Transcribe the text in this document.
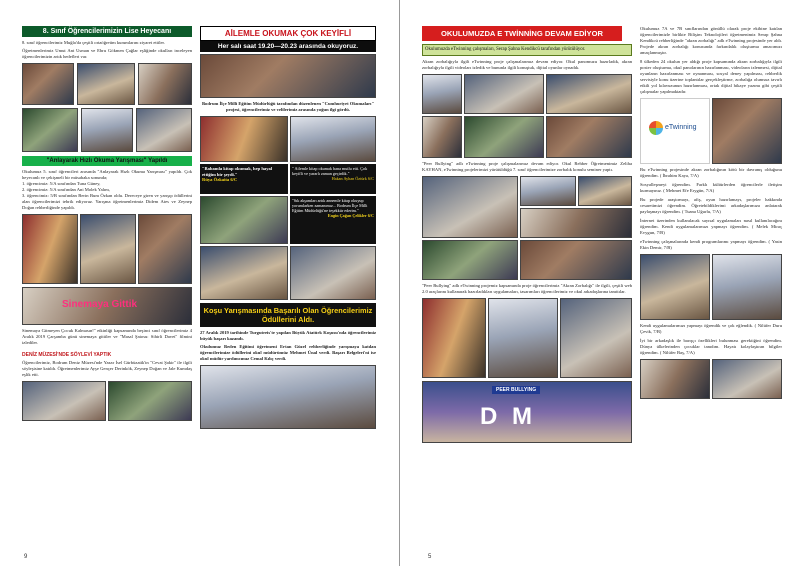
8. Sınıf Öğrencilerimizin Lise Heyecanı
8. sınıf öğrencilerimiz Muğla'da çeşitli ortaöğretim kurumlarını ziyaret ettiler.
Öğretmenlerimiz Umut Ant Usman ve Ebru Gökmen Çağlar eşliğinde okulları inceleyen öğrencilerimizin artık hedefleri var.
"Anlayarak Hızlı Okuma Yarışması" Yapıldı
Okulumuz 5. sınıf öğrencileri arasında "Anlayarak Hızlı Okuma Yarışması" yapıldı. Çok heyecanlı ve çekişmeli bir müsabaka sonunda;
1. öğrencimiz: 5/A sınıfından Tuna Güney,
2. öğrencimiz: 5/A sınıfından Ani Molek Yalım,
3. öğrencimiz: 5/B sınıfından Berin Bum Özkan oldu. Dereceye giren ve yarışıp ödüllerini alan öğrencilerimizi tebrik ediyoruz. Yarışma öğretmenlerimiz Didem Ates ve Zeynep Doğan rehberliğinde yapıldı.
Sinemaya Gittik
Sinemaya Gitmeyen Çocuk Kalmasın!" etkinliği kapsamında beşinci sınıf öğrencilerimiz 4 Aralık 2019 Çarşamba günü sinemaya gittiler ve "Masal Şatosu: Sihirli Davet" filmini izlediler.
DENİZ MÜZESİ'NDE SÖYLEVİ YAPTIK
Öğrencilerimiz, Bodrum Deniz Müzesi'nde Yazar İsel Gürbüzatik'in "Cevat Şakir" ile ilgili söyleşisine katıldı. Öğretmenlerimiz Ayşe Gençer Derinkök, Zeynep Doğan ve Jale Kumdaş eşlik etti.
AİLEMLE OKUMAK ÇOK KEYİFLİ
Her salı saat 19.20—20.23 arasında okuyoruz.
Bodrum İlçe Milli Eğitim Müdürlüğü tarafından düzenlenen "Cumhuriyet Okumaları" projesi, öğrencilerimiz ve velilerimiz arasında yoğun ilgi gördü.
"Babamla kitap okumak, hep hayal ettiğim bir şeydi."
Rüya Özkaita 6/C
" Ailemle kitap okumak bana mutlu etti. Çok keyifli ve yararlı zaman geçirdik."
Hakan Ayhan Öztürk 6/C
"Sık akşamları artık annemle kitap okuyup yorumlarken zamanımız... Bodrum İlçe Milli Eğitim Müdürlüğü'ne teşekkür ederim."
Engin Çağan Çelikler 6/C
Koşu Yarışmasında Başarılı Olan Öğrencilerimiz Ödüllerini Aldı.
27 Aralık 2019 tarihinde Turgutreis'te yapılan Büyük Atatürk Koşusu'nda öğrencilerimiz büyük başarı kazandı.
Okulumuz Beden Eğitimi öğretmeni Ertan Güzel rehberliğinde yarışmaya katılan öğrencilerimize ödüllerini okul müdürümüz Mehmet Ünal verdi. Başarı Belgeleri'ni ise okul müdür yardımcımız Cemal Kılıç verdi.
9
OKULUMUZDA E TWİNNİNG DEVAM EDİYOR
Okulumuzda eTwinning çalışmaları, Serap Şahna Kendikcü tarafından yürütülüyor.
Akran zorbalığıyla ilgili eTwinning proje çalışmalarımız devam ediyor. Okul panomuzu hazırladık, akran zorbalığıyla ilgili videoları izledik ve bununla ilgili konuştuk, dijital oyunlar oynadık.
"Peer Bullying" adlı eTwinning proje çalışmalarımız devam ediyor. Okul Rehber Öğretmenimiz Zeliha KAYHAN, eTwinning projelerimizi yürütüldüğü 7. sınıf öğrencilerimize zorbalık konulu seminer yaptı.
"Peer Bullying" adlı eTwinning projemiz kapsamında proje öğrencilerimiz "Akran Zorbalığı" ile ilgili, çeşitli web 2.0 araçlarını kullanarak hazırladıkları uygulamaları, tasarımları öğrencilerimiz ve okul arkadaşlarına tanıttılar.
PEER BULLYING
D M
Okulumuz 7A ve 7B sınıflarından gönüllü olarak proje ekibine katılan öğrencilerimizle birlikte Bilişim Teknolojileri öğretmenimiz Serap Şahna Kendikcü rehberliğinde "akran zorbalığı" adlı eTwinning projesinde yer aldı. Projede akran zorbalığı konusunda farkındalık oluşturma amacımızı amaçlanmıştır.
8 ülkeden 24 okulun yer aldığı proje kapsamında akran zorbalığıyla ilgili poster oluşturma, okul panolarının hazırlanması, videoların izlenmesi, dijital oyunların hazırlanması ve oynanması, sosyal deney yapılması, rehberlik servisiyle konu üzerine toplantılar gerçekleştirme, zorbalığa olumsuz tavırlı etkili yol kılavuzunun hazırlanması, ortak dijital hikaye yazımı gibi çeşitli çalışmalar yapılmaktadır.
eTwinning
Bu eTwinning projesinde akran zorbalığının kötü bir davranış olduğunu öğrendim. ( İbrahim Kaya, 7/A)
Sosyalleşmeyi öğrendim. Farklı kültürlerden öğrencilerle iletişim kurmayınız. ( Mehmet Efe Erygün, 7/A)
Bu projede araştırmayı, afiş, oyun hazırlamayı, projeler hakkında cesaretimizi öğrendim. Öğretebildiklerimi arkadaşlarımıza anlatarak paylaşmayı öğrendim. ( Tuana Uğurlu, 7/A)
İnternet üzerinden kullanılacak sayısal uygulamaları nasıl kullanılacağını öğrendim. Kendi uygulamalarımızı yapmayı öğrendim. ( Melek Miraç Evygun, 7/B)
eTwinning çalışmalarında kendi programlarımı yapmayı öğrendim. ( Yasin Ekin Demir, 7/B)
Kendi uygulamalarımızı yapmayı öğrendik ve çok eğlendik. ( Nilüfer Duru Çevik, 7/B)
İyi bir arkadaşlık ile barışçı özellikleri bulunması gerektiğini öğrendim. Dünya ülkelerinden çocuklar tanıdım. Hayatı kolaylaştıran bilgiler öğrendim. ( Nilüfer Baş, 7/A)
5
